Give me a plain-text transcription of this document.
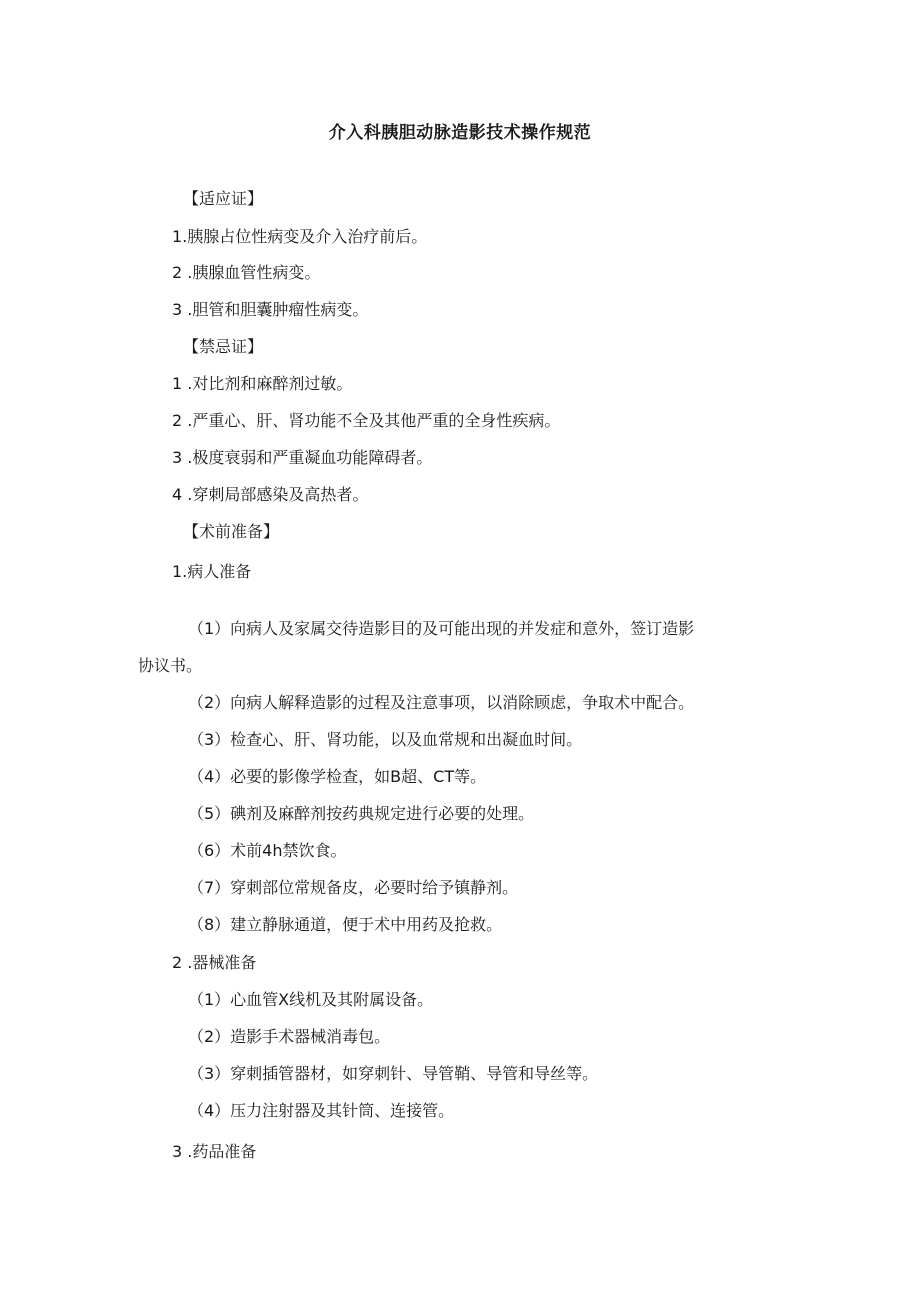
介入科胰胆动脉造影技术操作规范
【适应证】
1.胰腺占位性病变及介入治疗前后。
2 .胰腺血管性病变。
3 .胆管和胆囊肿瘤性病变。
【禁忌证】
1 .对比剂和麻醉剂过敏。
2 .严重心、肝、肾功能不全及其他严重的全身性疾病。
3 .极度衰弱和严重凝血功能障碍者。
4 .穿刺局部感染及高热者。
【术前准备】
1.病人准备
（1）向病人及家属交待造影目的及可能出现的并发症和意外，签订造影
协议书。
（2）向病人解释造影的过程及注意事项，以消除顾虑，争取术中配合。
（3）检查心、肝、肾功能，以及血常规和出凝血时间。
（4）必要的影像学检查，如B超、CT等。
（5）碘剂及麻醉剂按药典规定进行必要的处理。
（6）术前4h禁饮食。
（7）穿刺部位常规备皮，必要时给予镇静剂。
（8）建立静脉通道，便于术中用药及抢救。
2 .器械准备
（1）心血管X线机及其附属设备。
（2）造影手术器械消毒包。
（3）穿刺插管器材，如穿刺针、导管鞘、导管和导丝等。
（4）压力注射器及其针筒、连接管。
3 .药品准备
